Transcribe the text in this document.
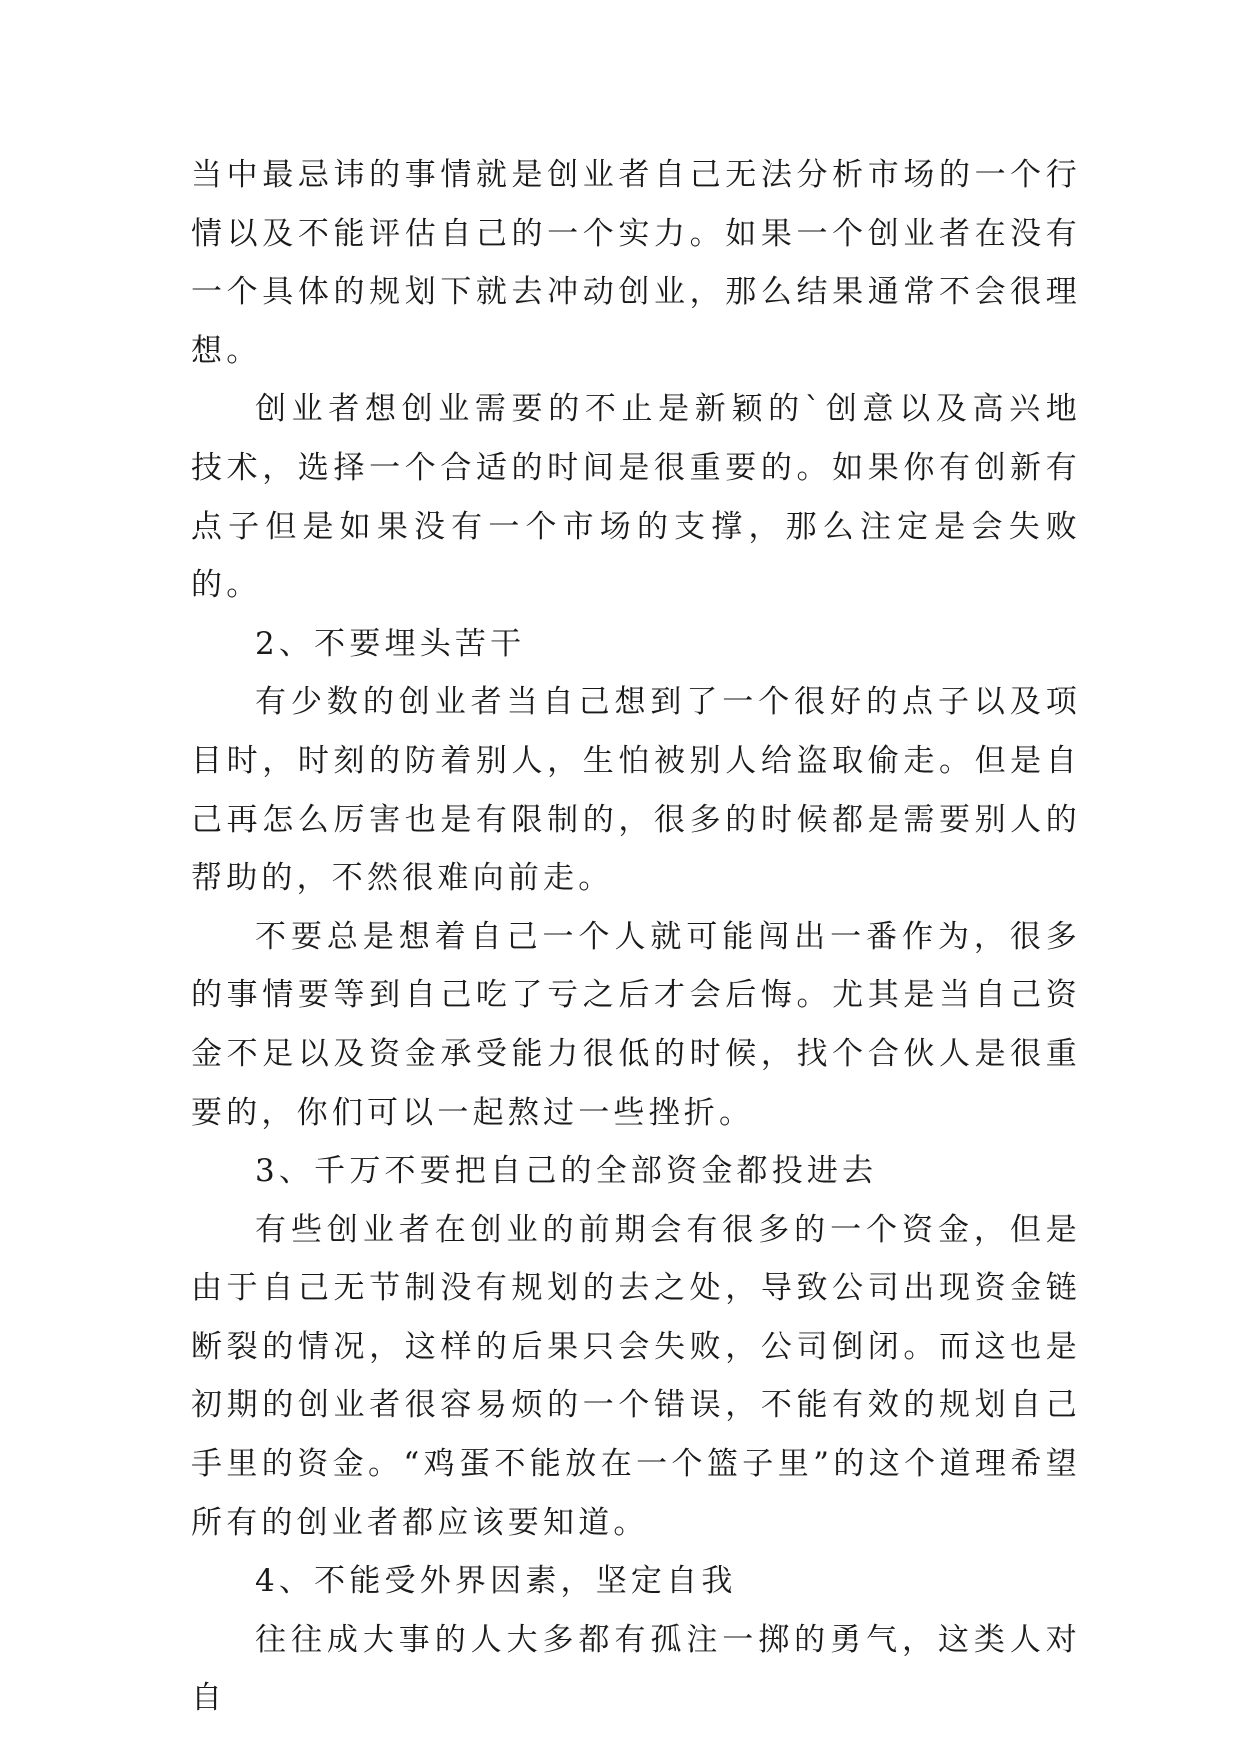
当中最忌讳的事情就是创业者自己无法分析市场的一个行情以及不能评估自己的一个实力。如果一个创业者在没有一个具体的规划下就去冲动创业，那么结果通常不会很理想。

创业者想创业需要的不止是新颖的`创意以及高兴地技术，选择一个合适的时间是很重要的。如果你有创新有点子但是如果没有一个市场的支撑，那么注定是会失败的。

2、不要埋头苦干

有少数的创业者当自己想到了一个很好的点子以及项目时，时刻的防着别人，生怕被别人给盗取偷走。但是自己再怎么厉害也是有限制的，很多的时候都是需要别人的帮助的，不然很难向前走。

不要总是想着自己一个人就可能闯出一番作为，很多的事情要等到自己吃了亏之后才会后悔。尤其是当自己资金不足以及资金承受能力很低的时候，找个合伙人是很重要的，你们可以一起熬过一些挫折。

3、千万不要把自己的全部资金都投进去

有些创业者在创业的前期会有很多的一个资金，但是由于自己无节制没有规划的去之处，导致公司出现资金链断裂的情况，这样的后果只会失败，公司倒闭。而这也是初期的创业者很容易烦的一个错误，不能有效的规划自己手里的资金。“鸡蛋不能放在一个篮子里”的这个道理希望所有的创业者都应该要知道。

4、不能受外界因素，坚定自我

往往成大事的人大多都有孤注一掷的勇气，这类人对自
